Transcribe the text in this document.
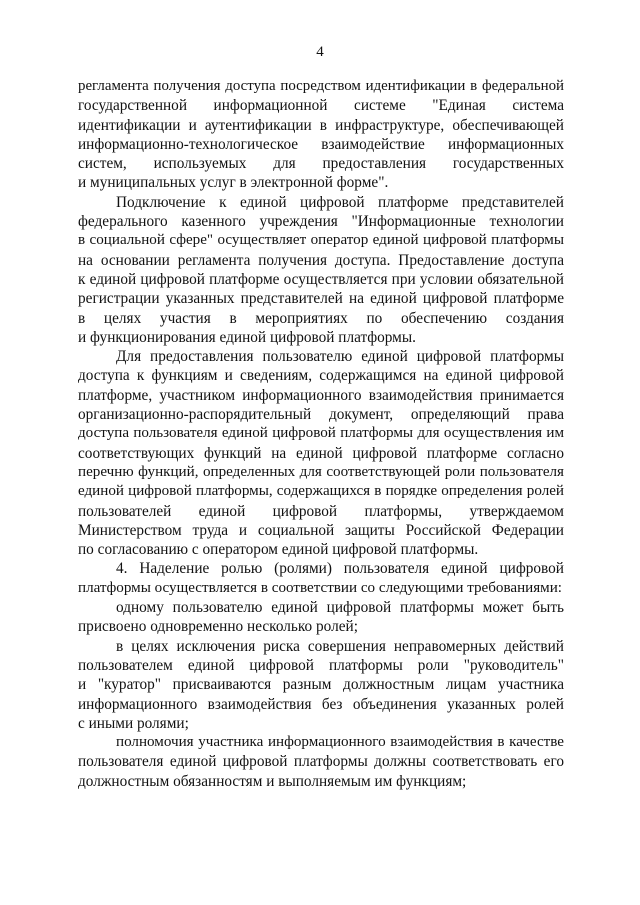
4
регламента получения доступа посредством идентификации в федеральной
государственной информационной системе "Единая система
идентификации и аутентификации в инфраструктуре, обеспечивающей
информационно-технологическое взаимодействие информационных
систем, используемых для предоставления государственных
и муниципальных услуг в электронной форме".
Подключение к единой цифровой платформе представителей
федерального казенного учреждения "Информационные технологии
в социальной сфере" осуществляет оператор единой цифровой платформы
на основании регламента получения доступа. Предоставление доступа
к единой цифровой платформе осуществляется при условии обязательной
регистрации указанных представителей на единой цифровой платформе
в целях участия в мероприятиях по обеспечению создания
и функционирования единой цифровой платформы.
Для предоставления пользователю единой цифровой платформы
доступа к функциям и сведениям, содержащимся на единой цифровой
платформе, участником информационного взаимодействия принимается
организационно-распорядительный документ, определяющий права
доступа пользователя единой цифровой платформы для осуществления им
соответствующих функций на единой цифровой платформе согласно
перечню функций, определенных для соответствующей роли пользователя
единой цифровой платформы, содержащихся в порядке определения ролей
пользователей единой цифровой платформы, утверждаемом
Министерством труда и социальной защиты Российской Федерации
по согласованию с оператором единой цифровой платформы.
4. Наделение ролью (ролями) пользователя единой цифровой
платформы осуществляется в соответствии со следующими требованиями:
одному пользователю единой цифровой платформы может быть
присвоено одновременно несколько ролей;
в целях исключения риска совершения неправомерных действий
пользователем единой цифровой платформы роли "руководитель"
и "куратор" присваиваются разным должностным лицам участника
информационного взаимодействия без объединения указанных ролей
с иными ролями;
полномочия участника информационного взаимодействия в качестве
пользователя единой цифровой платформы должны соответствовать его
должностным обязанностям и выполняемым им функциям;
